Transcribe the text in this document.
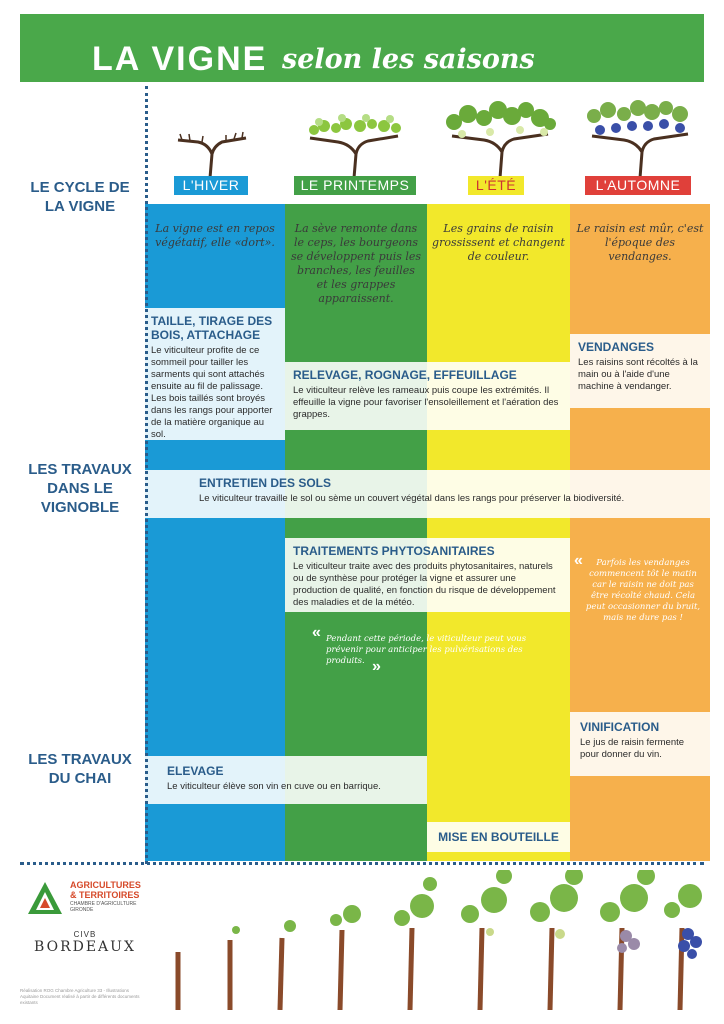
LA VIGNE selon les saisons
L'HIVER	LE PRINTEMPS	L'ÉTÉ	L'AUTOMNE
LE CYCLE DE LA VIGNE
LES TRAVAUX DANS LE VIGNOBLE
LES TRAVAUX DU CHAI
La vigne est en repos végétatif, elle «dort».
La sève remonte dans le ceps, les bourgeons se développent puis les branches, les feuilles et les grappes apparaissent.
Les grains de raisin grossissent et changent de couleur.
Le raisin est mûr, c'est l'époque des vendanges.
TAILLE, TIRAGE DES BOIS, ATTACHAGE
Le viticulteur profite de ce sommeil pour tailler les sarments qui sont attachés ensuite au fil de palissage. Les bois taillés sont broyés dans les rangs pour apporter de la matière organique au sol.
RELEVAGE, ROGNAGE, EFFEUILLAGE
Le viticulteur relève les rameaux puis coupe les extrémités. Il effeuille la vigne pour favoriser l'ensoleillement et l'aération des grappes.
VENDANGES
Les raisins sont récoltés à la main ou à l'aide d'une machine à vendanger.
ENTRETIEN DES SOLS
Le viticulteur travaille le sol ou sème un couvert végétal dans les rangs pour préserver la biodiversité.
TRAITEMENTS PHYTOSANITAIRES
Le viticulteur traite avec des produits phytosanitaires, naturels ou de synthèse pour protéger la vigne et assurer une production de qualité, en fonction du risque de développement des maladies et de la météo.
VINIFICATION
Le jus de raisin fermente pour donner du vin.
ELEVAGE
Le viticulteur élève son vin en cuve ou en barrique.
MISE EN BOUTEILLE
« Pendant cette période, le viticulteur peut vous prévenir pour anticiper les pulvérisations des produits. »
«	Parfois les vendanges commencent tôt le matin car le raisin ne doit pas être récolté chaud. Cela peut occasionner du bruit, mais ne dure pas !
AGRICULTURES
& TERRITOIRES
CHAMBRE D'AGRICULTURE GIRONDE
CIVB
BORDEAUX
Réalisation ROG Chambre Agriculture 33 - Illustrations Aquitaine Document réalisé à partir de différents documents existants
